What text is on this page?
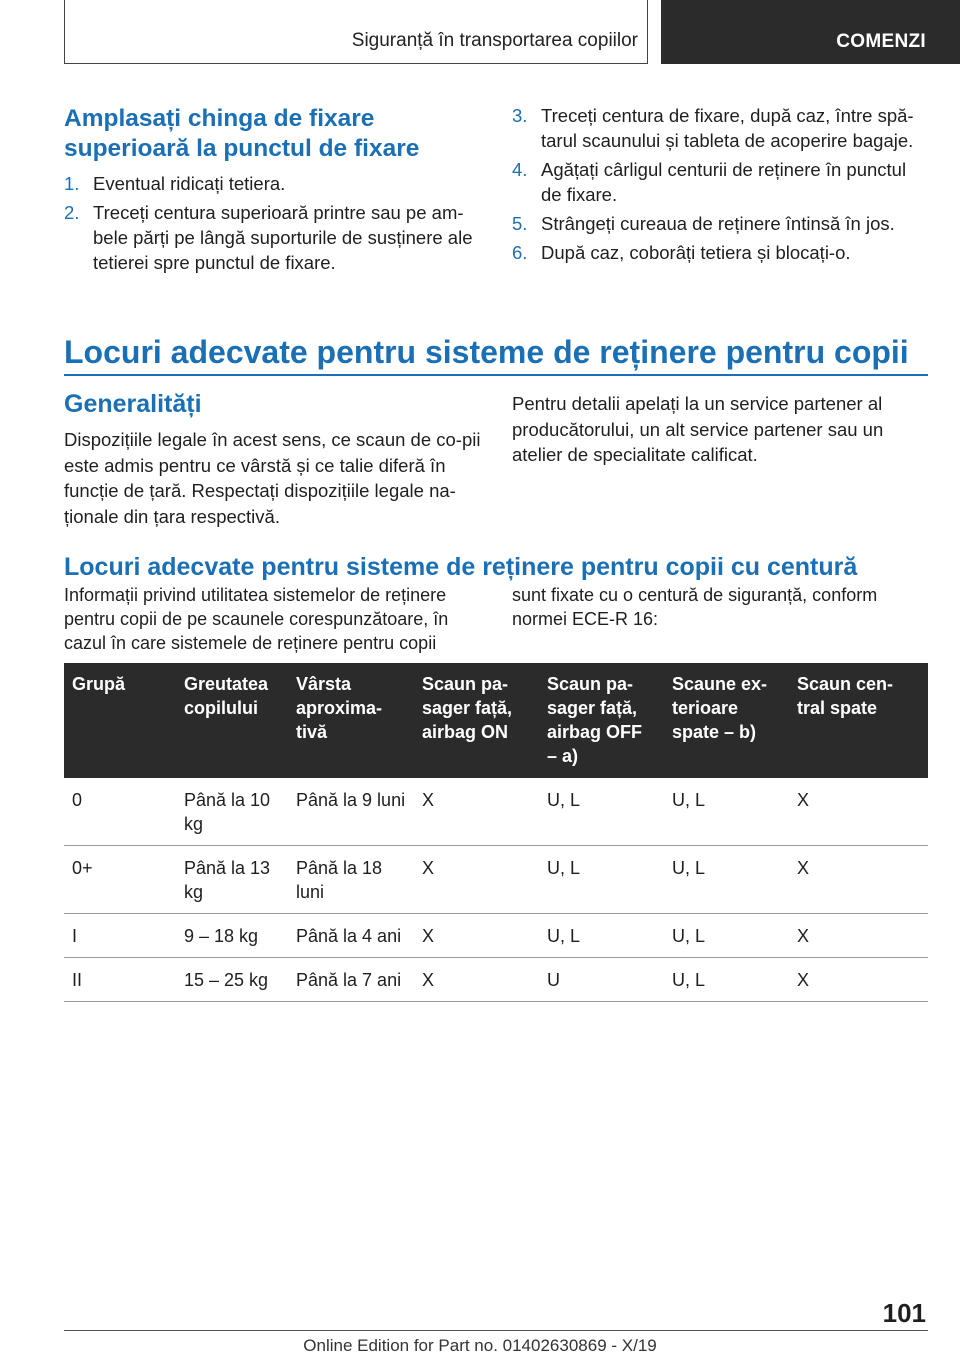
Siguranță în transportarea copiilor	COMENZI
Amplasați chinga de fixare superioară la punctul de fixare
1. Eventual ridicați tetiera.
2. Treceți centura superioară printre sau pe am-bele părți pe lângă suporturile de susținere ale tetierei spre punctul de fixare.
3. Treceți centura de fixare, după caz, între spă-tarul scaunului și tableta de acoperire bagaje.
4. Agățați cârligul centurii de reținere în punctul de fixare.
5. Strângeți cureaua de reținere întinsă în jos.
6. După caz, coborâți tetiera și blocați-o.
Locuri adecvate pentru sisteme de reținere pentru copii
Generalități

Dispozițiile legale în acest sens, ce scaun de co-pii este admis pentru ce vârstă și ce talie diferă în funcție de țară. Respectați dispozițiile legale na-ționale din țara respectivă.

Pentru detalii apelați la un service partener al producătorului, un alt service partener sau un atelier de specialitate calificat.

Locuri adecvate pentru sisteme de reținere pentru copii cu centură

Informații privind utilitatea sistemelor de reținere pentru copii de pe scaunele corespunzătoare, în cazul în care sistemele de reținere pentru copii

sunt fixate cu o centură de siguranță, conform normei ECE-R 16:

Grupă	Greutatea copilului	Vârsta aproxima-tivă	Scaun pa-sager față, airbag ON	Scaun pa-sager față, airbag OFF – a)	Scaune ex-terioare spate – b)	Scaun cen-tral spate
0	Până la 10 kg	Până la 9 luni	X	U, L	U, L	X
0+	Până la 13 kg	Până la 18 luni	X	U, L	U, L	X
I	9 – 18 kg	Până la 4 ani	X	U, L	U, L	X
II	15 – 25 kg	Până la 7 ani	X	U	U, L	X
101
Online Edition for Part no. 01402630869 - X/19
